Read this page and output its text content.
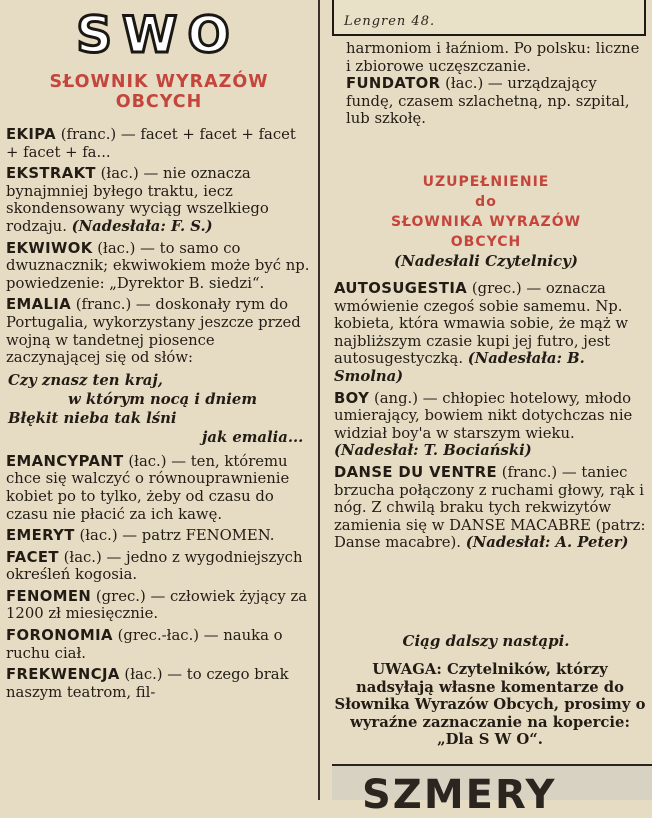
SWO
SŁOWNIK WYRAZÓW
OBCYCH
EKIPA (franc.) — facet + facet + facet + facet + fa...
EKSTRAKT (łac.) — nie oznacza bynajmniej byłego traktu, iecz skondensowany wyciąg wszelkiego rodzaju. (Nadesłała: F. S.)
EKWIWOK (łac.) — to samo co dwuznacznik; ekwiwokiem może być np. powiedzenie: „Dyrektor B. siedzi“.
EMALIA (franc.) — doskonały rym do Portugalia, wykorzystany jeszcze przed wojną w tandetnej piosence zaczynającej się od słów:
Czy znasz ten kraj,
w którym nocą i dniem
Błękit nieba tak lśni
jak emalia...
EMANCYPANT (łac.) — ten, któremu chce się walczyć o równouprawnienie kobiet po to tylko, żeby od czasu do czasu nie płacić za ich kawę.
EMERYT (łac.) — patrz FENOMEN.
FACET (łac.) — jedno z wygodniejszych określeń kogosia.
FENOMEN (grec.) — człowiek żyjący za 1200 zł miesięcznie.
FORONOMIA (grec.-łac.) — nauka o ruchu ciał.
FREKWENCJA (łac.) — to czego brak naszym teatrom, fil-
Lengren 48.
harmoniom i łaźniom. Po polsku: liczne i zbiorowe uczęszczanie.
FUNDATOR (łac.) — urządzający fundę, czasem szlachetną, np. szpital, lub szkołę.
UZUPEŁNIENIE
do
SŁOWNIKA WYRAZÓW
OBCYCH
(Nadesłali Czytelnicy)
AUTOSUGESTIA (grec.) — oznacza wmówienie czegoś sobie samemu. Np. kobieta, która wmawia sobie, że mąż w najbliższym czasie kupi jej futro, jest autosugestyczką. (Nadesłała: B. Smolna)
BOY (ang.) — chłopiec hotelowy, młodo umierający, bowiem nikt dotychczas nie widział boy'a w starszym wieku. (Nadesłał: T. Bociański)
DANSE DU VENTRE (franc.) — taniec brzucha połączony z ruchami głowy, rąk i nóg. Z chwilą braku tych rekwizytów zamienia się w DANSE MACABRE (patrz: Danse macabre). (Nadesłał: A. Peter)
Ciąg dalszy nastąpi.
UWAGA: Czytelników, którzy nadsyłają własne komentarze do Słownika Wyrazów Obcych, prosimy o wyraźne zaznaczanie na kopercie: „Dla S W O“.
SZMERY
